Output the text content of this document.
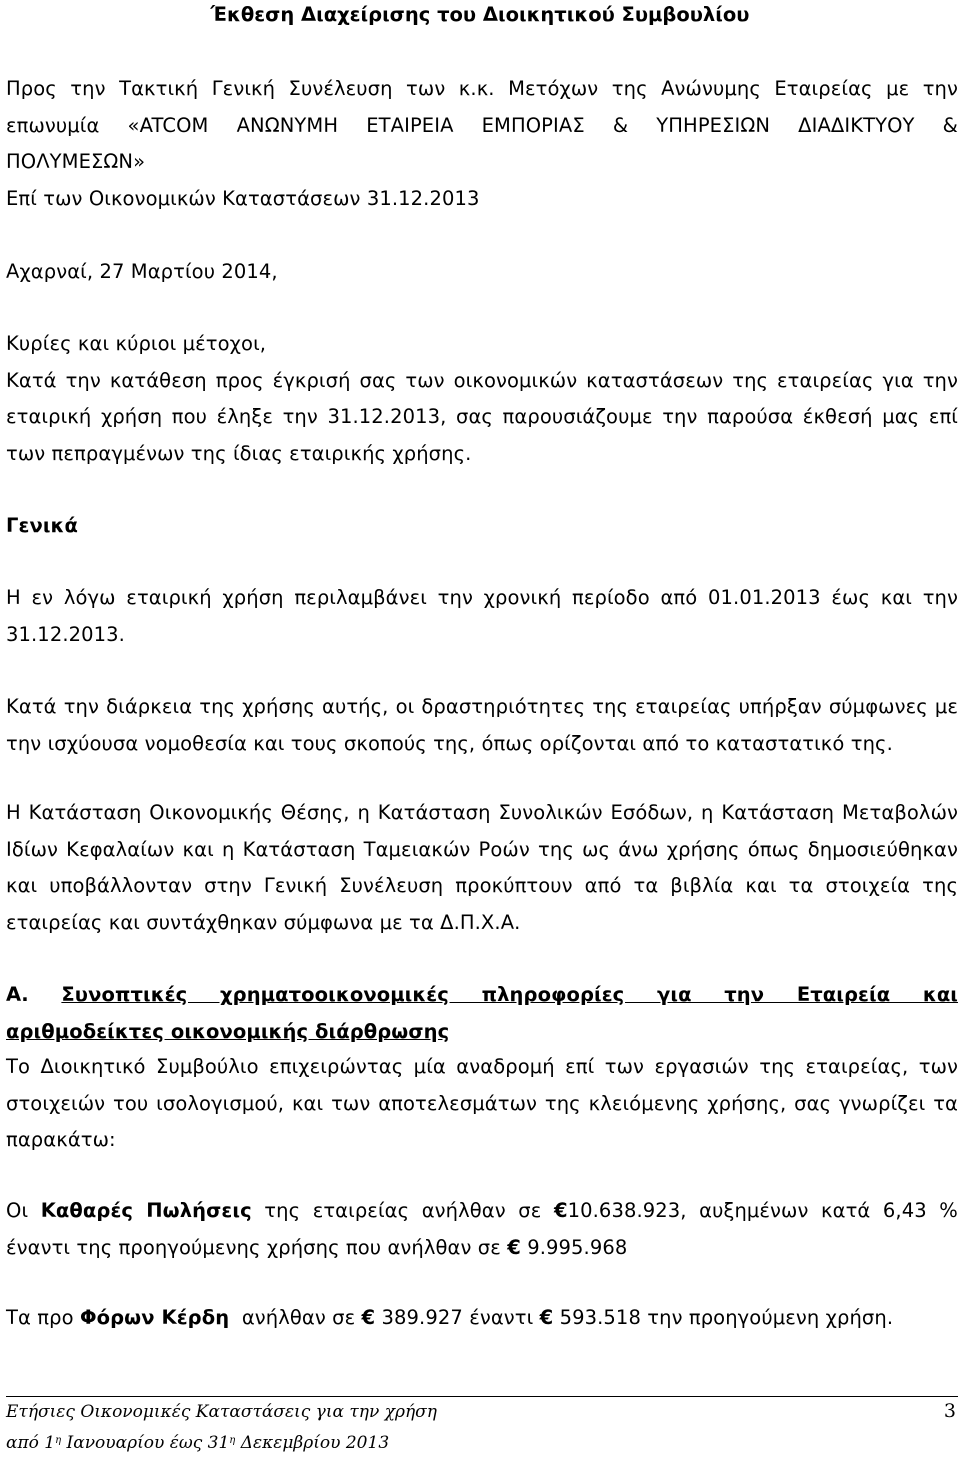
Έκθεση Διαχείρισης του Διοικητικού Συμβουλίου
Προς την Τακτική Γενική Συνέλευση των κ.κ. Μετόχων της Ανώνυμης Εταιρείας με την
επωνυμία «ATCOM ΑΝΩΝΥΜΗ ΕΤΑΙΡΕΙΑ ΕΜΠΟΡΙΑΣ & ΥΠΗΡΕΣΙΩΝ ΔΙΑΔΙΚΤΥΟΥ &
ΠΟΛΥΜΕΣΩΝ»
Επί των Οικονομικών Καταστάσεων 31.12.2013
Αχαρναί, 27 Μαρτίου 2014,
Κυρίες και κύριοι μέτοχοι,
Κατά την κατάθεση προς έγκρισή σας των οικονομικών καταστάσεων της εταιρείας για την
εταιρική χρήση που έληξε την 31.12.2013, σας παρουσιάζουμε την παρούσα έκθεσή μας επί
των πεπραγμένων της ίδιας εταιρικής χρήσης.
Γενικά
Η εν λόγω εταιρική χρήση περιλαμβάνει την χρονική περίοδο από 01.01.2013 έως και την
31.12.2013.
Κατά την διάρκεια της χρήσης αυτής, οι δραστηριότητες της εταιρείας υπήρξαν σύμφωνες με
την ισχύουσα νομοθεσία και τους σκοπούς της, όπως ορίζονται από το καταστατικό της.
Η Κατάσταση Οικονομικής Θέσης, η Κατάσταση Συνολικών Εσόδων, η Κατάσταση Μεταβολών
Ιδίων Κεφαλαίων και η Κατάσταση Ταμειακών Ροών της ως άνω χρήσης όπως δημοσιεύθηκαν
και υποβάλλονταν στην Γενική Συνέλευση προκύπτουν από τα βιβλία και τα στοιχεία της
εταιρείας και συντάχθηκαν σύμφωνα με τα Δ.Π.Χ.Α.
Α. Συνοπτικές χρηματοοικονομικές πληροφορίες για την Εταιρεία και
αριθμοδείκτες οικονομικής διάρθρωσης
Το Διοικητικό Συμβούλιο επιχειρώντας μία αναδρομή επί των εργασιών της εταιρείας, των
στοιχειών του ισολογισμού, και των αποτελεσμάτων της κλειόμενης χρήσης, σας γνωρίζει τα
παρακάτω:
Οι Καθαρές Πωλήσεις της εταιρείας ανήλθαν σε €10.638.923, αυξημένων κατά 6,43 %
έναντι της προηγούμενης χρήσης που ανήλθαν σε € 9.995.968
Τα προ Φόρων Κέρδη ανήλθαν σε € 389.927 έναντι € 593.518 την προηγούμενη χρήση.
Ετήσιες Οικονομικές Καταστάσεις για την χρήση
από $1^\eta$ Ιανουαρίου έως $31^\eta$ Δεκεμβρίου 2013
3
